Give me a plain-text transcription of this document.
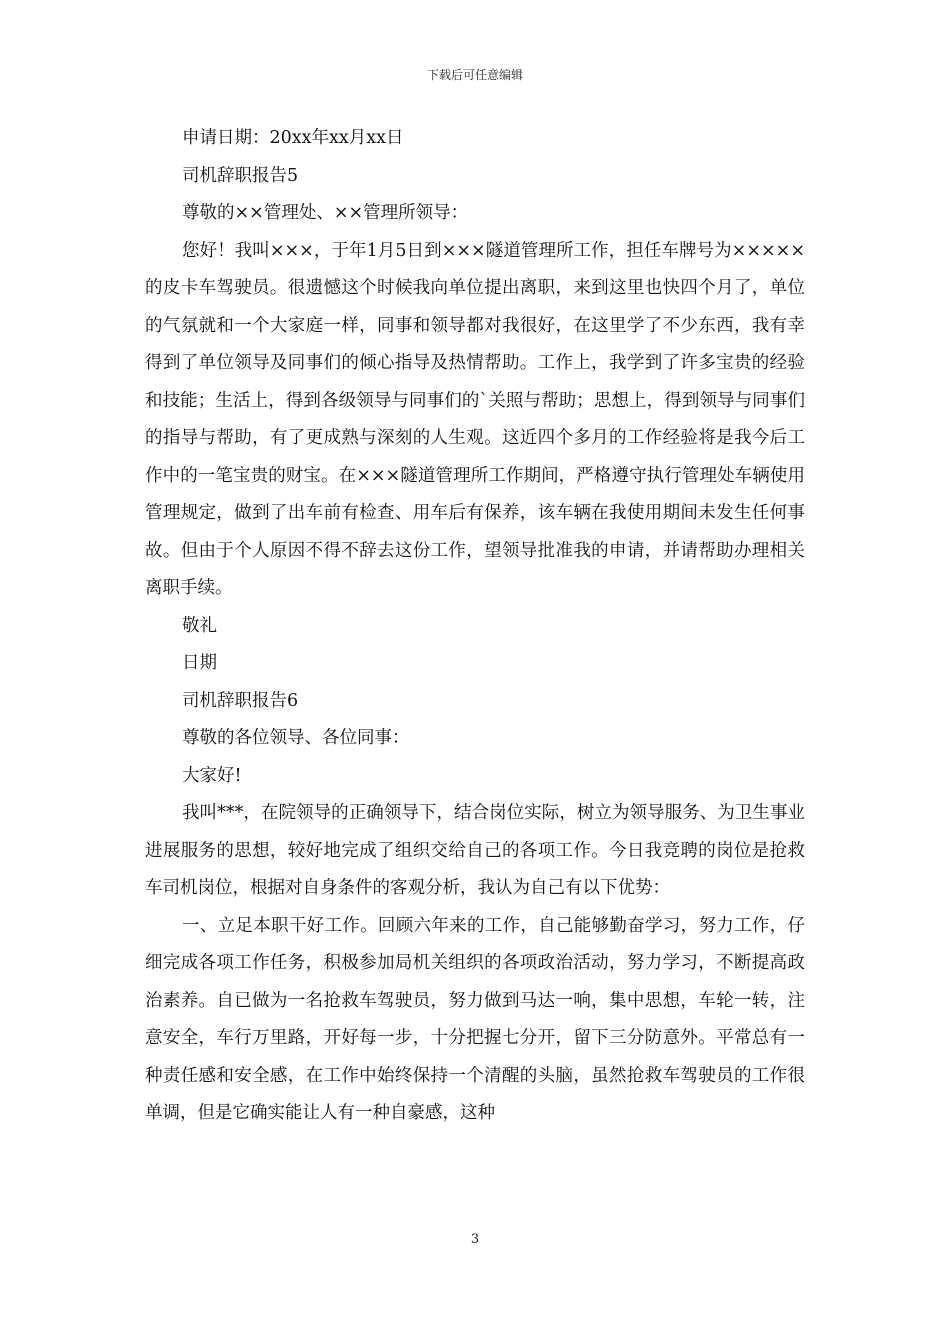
下载后可任意编辑

申请日期：20xx年xx月xx日

司机辞职报告5

尊敬的××管理处、××管理所领导：

您好！我叫×××，于年1月5日到×××隧道管理所工作，担任车牌号为×××××的皮卡车驾驶员。很遗憾这个时候我向单位提出离职，来到这里也快四个月了，单位的气氛就和一个大家庭一样，同事和领导都对我很好，在这里学了不少东西，我有幸得到了单位领导及同事们的倾心指导及热情帮助。工作上，我学到了许多宝贵的经验和技能；生活上，得到各级领导与同事们的`关照与帮助；思想上，得到领导与同事们的指导与帮助，有了更成熟与深刻的人生观。这近四个多月的工作经验将是我今后工作中的一笔宝贵的财宝。在×××隧道管理所工作期间，严格遵守执行管理处车辆使用管理规定，做到了出车前有检查、用车后有保养，该车辆在我使用期间未发生任何事故。但由于个人原因不得不辞去这份工作，望领导批准我的申请，并请帮助办理相关离职手续。

敬礼

日期

司机辞职报告6

尊敬的各位领导、各位同事：

大家好!

我叫***，在院领导的正确领导下，结合岗位实际，树立为领导服务、为卫生事业进展服务的思想，较好地完成了组织交给自己的各项工作。今日我竞聘的岗位是抢救车司机岗位，根据对自身条件的客观分析，我认为自己有以下优势：

一、立足本职干好工作。回顾六年来的工作，自己能够勤奋学习，努力工作，仔细完成各项工作任务，积极参加局机关组织的各项政治活动，努力学习，不断提高政治素养。自已做为一名抢救车驾驶员，努力做到马达一响，集中思想，车轮一转，注意安全，车行万里路，开好每一步，十分把握七分开，留下三分防意外。平常总有一种责任感和安全感，在工作中始终保持一个清醒的头脑，虽然抢救车驾驶员的工作很单调，但是它确实能让人有一种自豪感，这种

3
